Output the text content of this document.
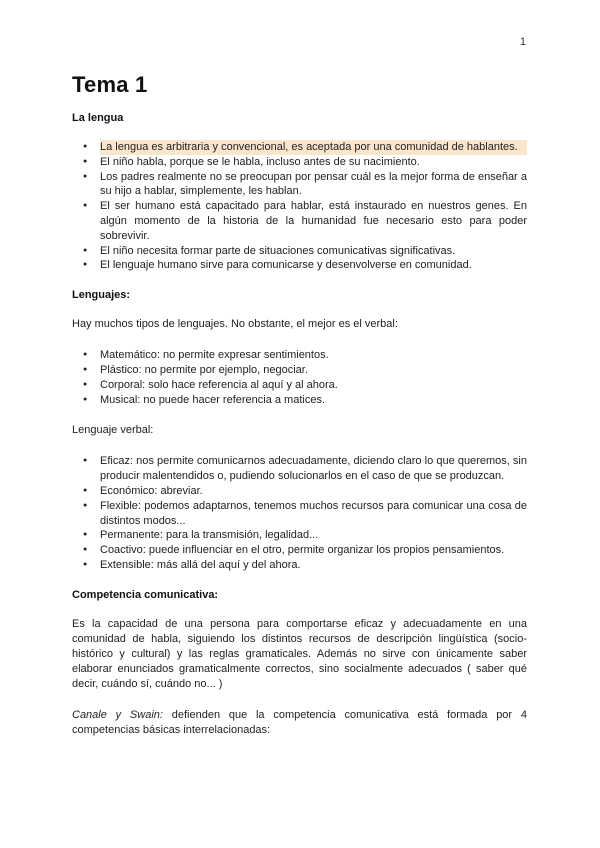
1
Tema 1
La lengua
● La lengua es arbitraria y convencional, es aceptada por una comunidad de hablantes.
● El niño habla, porque se le habla, incluso antes de su nacimiento.
● Los padres realmente no se preocupan por pensar cuál es la mejor forma de enseñar a su hijo a hablar, simplemente, les hablan.
● El ser humano está capacitado para hablar, está instaurado en nuestros genes. En algún momento de la historia de la humanidad fue necesario esto para poder sobrevivir.
● El niño necesita formar parte de situaciones comunicativas significativas.
● El lenguaje humano sirve para comunicarse y desenvolverse en comunidad.
Lenguajes:

Hay muchos tipos de lenguajes. No obstante, el mejor es el verbal:

● Matemático: no permite expresar sentimientos.
● Plástico: no permite por ejemplo, negociar.
● Corporal: solo hace referencia al aquí y al ahora.
● Musical: no puede hacer referencia a matices.

Lenguaje verbal:

● Eficaz: nos permite comunicarnos adecuadamente, diciendo claro lo que queremos, sin producir malentendidos o, pudiendo solucionarlos en el caso de que se produzcan.
● Económico: abreviar.
● Flexible: podemos adaptarnos, tenemos muchos recursos para comunicar una cosa de distintos modos...
● Permanente: para la transmisión, legalidad...
● Coactivo: puede influenciar en el otro, permite organizar los propios pensamientos.
● Extensible: más allá del aquí y del ahora.
Competencia comunicativa:

Es la capacidad de una persona para comportarse eficaz y adecuadamente en una comunidad de habla, siguiendo los distintos recursos de descripción lingüística (socio-histórico y cultural) y las reglas gramaticales. Además no sirve con únicamente saber elaborar enunciados gramaticalmente correctos, sino socialmente adecuados ( saber qué decir, cuándo sí, cuándo no... )

Canale y Swain: defienden que la competencia comunicativa está formada por 4 competencias básicas interrelacionadas:
